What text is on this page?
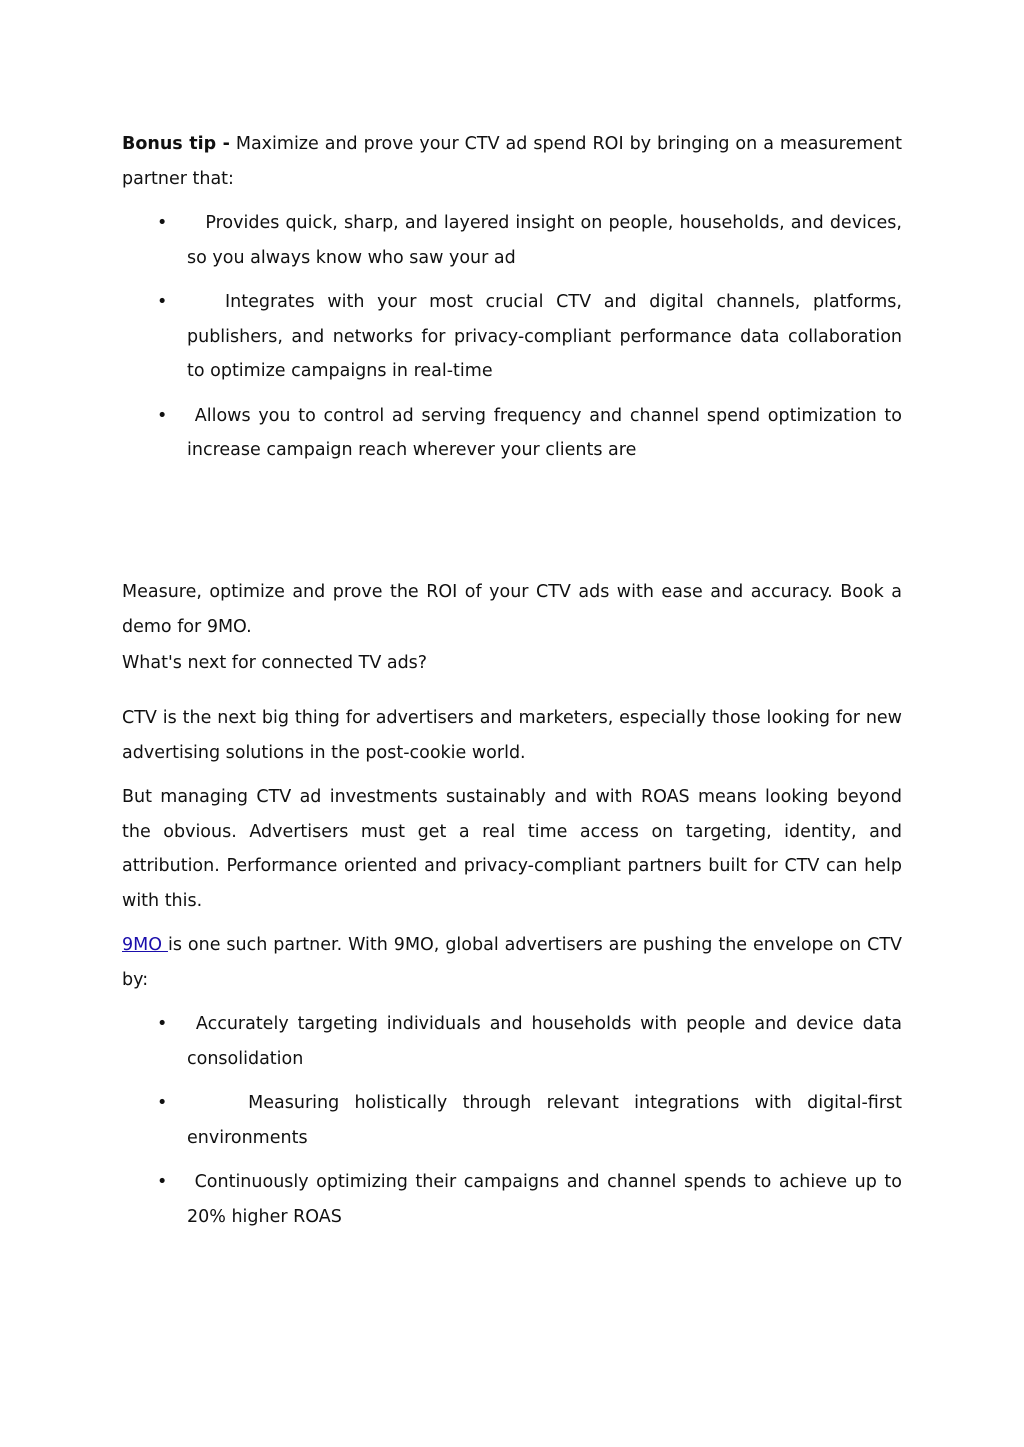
Bonus tip - Maximize and prove your CTV ad spend ROI by bringing on a measurement partner that:

• Provides quick, sharp, and layered insight on people, households, and devices, so you always know who saw your ad
• Integrates with your most crucial CTV and digital channels, platforms, publishers, and networks for privacy-compliant performance data collaboration to optimize campaigns in real-time
• Allows you to control ad serving frequency and channel spend optimization to increase campaign reach wherever your clients are

Measure, optimize and prove the ROI of your CTV ads with ease and accuracy. Book a demo for 9MO.

What's next for connected TV ads?

CTV is the next big thing for advertisers and marketers, especially those looking for new advertising solutions in the post-cookie world.

But managing CTV ad investments sustainably and with ROAS means looking beyond the obvious. Advertisers must get a real time access on targeting, identity, and attribution. Performance oriented and privacy-compliant partners built for CTV can help with this.

9MO is one such partner. With 9MO, global advertisers are pushing the envelope on CTV by:

• Accurately targeting individuals and households with people and device data consolidation
• Measuring holistically through relevant integrations with digital-first environments
• Continuously optimizing their campaigns and channel spends to achieve up to 20% higher ROAS
